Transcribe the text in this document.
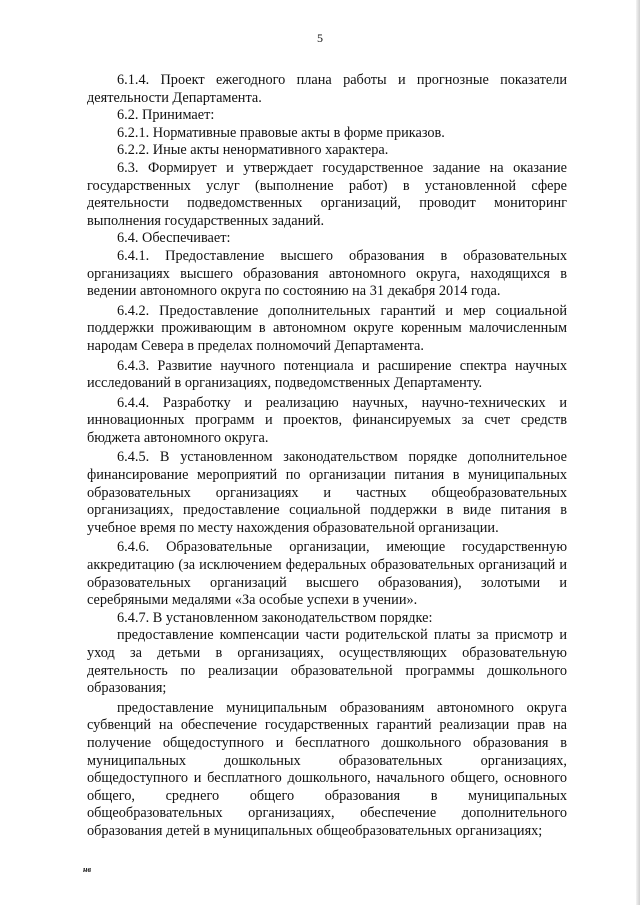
5

6.1.4. Проект ежегодного плана работы и прогнозные показатели деятельности Департамента.

6.2. Принимает:

6.2.1. Нормативные правовые акты в форме приказов.

6.2.2. Иные акты ненормативного характера.

6.3. Формирует и утверждает государственное задание на оказание государственных услуг (выполнение работ) в установленной сфере деятельности подведомственных организаций, проводит мониторинг выполнения государственных заданий.

6.4. Обеспечивает:

6.4.1. Предоставление высшего образования в образовательных организациях высшего образования автономного округа, находящихся в ведении автономного округа по состоянию на 31 декабря 2014 года.

6.4.2. Предоставление дополнительных гарантий и мер социальной поддержки проживающим в автономном округе коренным малочисленным народам Севера в пределах полномочий Департамента.

6.4.3. Развитие научного потенциала и расширение спектра научных исследований в организациях, подведомственных Департаменту.

6.4.4. Разработку и реализацию научных, научно-технических и инновационных программ и проектов, финансируемых за счет средств бюджета автономного округа.

6.4.5. В установленном законодательством порядке дополнительное финансирование мероприятий по организации питания в муниципальных образовательных организациях и частных общеобразовательных организациях, предоставление социальной поддержки в виде питания в учебное время по месту нахождения образовательной организации.

6.4.6. Образовательные организации, имеющие государственную аккредитацию (за исключением федеральных образовательных организаций и образовательных организаций высшего образования), золотыми и серебряными медалями «За особые успехи в учении».

6.4.7. В установленном законодательством порядке:

предоставление компенсации части родительской платы за присмотр и уход за детьми в организациях, осуществляющих образовательную деятельность по реализации образовательной программы дошкольного образования;

предоставление муниципальным образованиям автономного округа субвенций на обеспечение государственных гарантий реализации прав на получение общедоступного и бесплатного дошкольного образования в муниципальных дошкольных образовательных организациях, общедоступного и бесплатного дошкольного, начального общего, основного общего, среднего общего образования в муниципальных общеобразовательных организациях, обеспечение дополнительного образования детей в муниципальных общеобразовательных организациях;

нв
